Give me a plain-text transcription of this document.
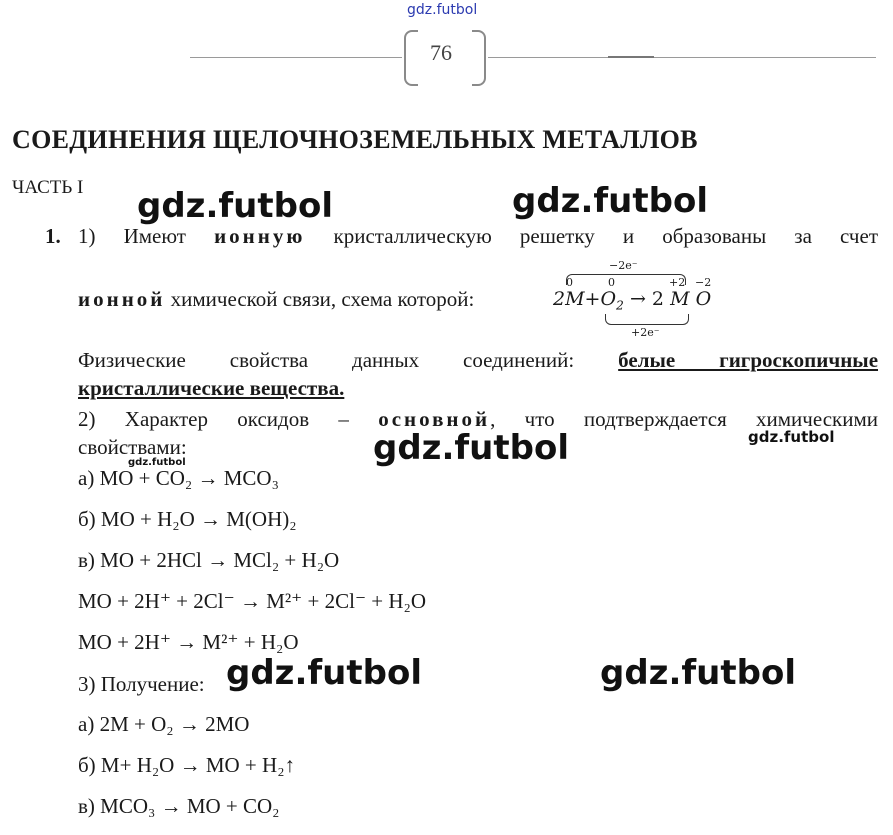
gdz.futbol
76
СОЕДИНЕНИЯ ЩЕЛОЧНОЗЕМЕЛЬНЫХ МЕТАЛЛОВ
ЧАСТЬ I gdz.futbol	gdz.futbol
gdz.futbol	gdz.futbol
gdz.futbol
gdz.futbol	gdz.futbol
1. 1) Имеют ионную кристаллическую решетку и образованы за счет
ионной химической связи, схема которой:
−2e⁻
0	0	+2 −2
$2M+O_2 \to 2$ M O
+2e⁻
Физические свойства данных соединений: белые гигроскопичные
кристаллические вещества.
2) Характер оксидов – основной, что подтверждается химическими
свойствами:
а) MO + CO₂ → MCO₃
б) MO + H₂O → M(OH)₂
в) MO + 2HCl → MCl₂ + H₂O
MO + 2H⁺ + 2Cl⁻ → M²⁺ + 2Cl⁻ + H₂O
MO + 2H⁺ → M²⁺ + H₂O
3) Получение:
а) 2M + O₂ → 2MO
б) M+ H₂O → MO + H₂↑
в) MCO₃ → MO + CO₂
